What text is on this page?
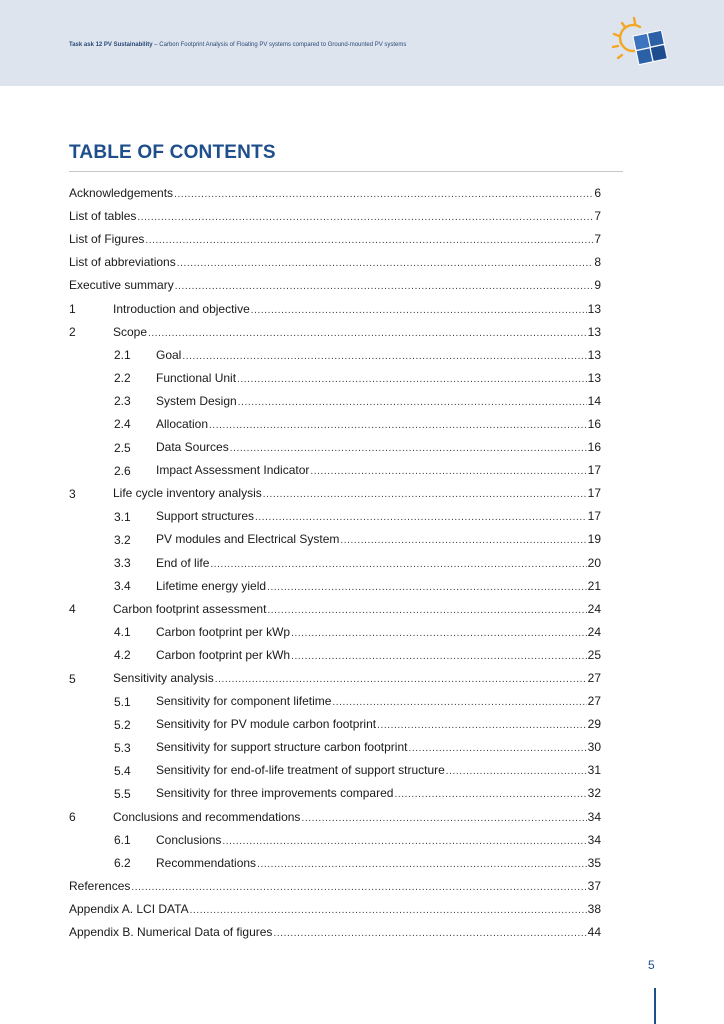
Task ask 12 PV Sustainability – Carbon Footprint Analysis of Floating PV systems compared to Ground-mounted PV systems
TABLE OF CONTENTS
Acknowledgements .....	6
List of tables .....	7
List of Figures .....	7
List of abbreviations .....	8
Executive summary .....	9
1	Introduction and objective .....	13
2	Scope .....	13
2.1 Goal .....	13
2.2 Functional Unit .....	13
2.3 System Design .....	14
2.4 Allocation .....	16
2.5 Data Sources .....	16
2.6 Impact Assessment Indicator .....	17
3	Life cycle inventory analysis .....	17
3.1 Support structures .....	17
3.2 PV modules and Electrical System .....	19
3.3 End of life .....	20
3.4 Lifetime energy yield .....	21
4	Carbon footprint assessment .....	24
4.1 Carbon footprint per kWp .....	24
4.2 Carbon footprint per kWh .....	25
5	Sensitivity analysis .....	27
5.1 Sensitivity for component lifetime .....	27
5.2 Sensitivity for PV module carbon footprint .....	29
5.3 Sensitivity for support structure carbon footprint .....	30
5.4 Sensitivity for end-of-life treatment of support structure .....	31
5.5 Sensitivity for three improvements compared .....	32
6	Conclusions and recommendations .....	34
6.1 Conclusions .....	34
6.2 Recommendations .....	35
References .....	37
Appendix A. LCI DATA .....	38
Appendix B. Numerical Data of figures .....	44
5
